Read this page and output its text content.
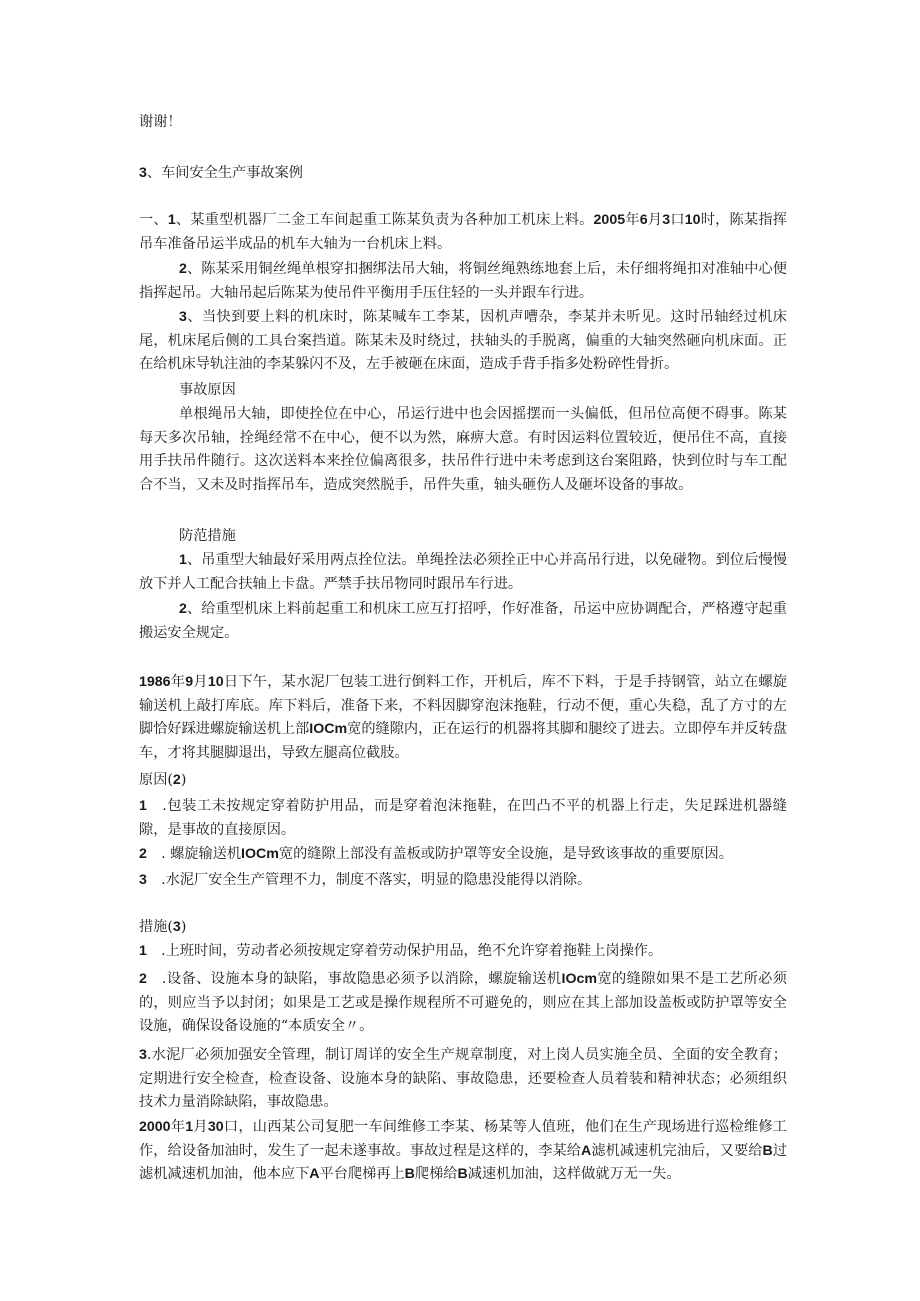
谢谢！

3、车间安全生产事故案例

一、1、某重型机器厂二金工车间起重工陈某负责为各种加工机床上料。2005年6月3口10时，陈某指挥吊车准备吊运半成品的机车大轴为一台机床上料。

2、陈某采用铜丝绳单根穿扣捆绑法吊大轴，将铜丝绳熟练地套上后，未仔细将绳扣对准轴中心便指挥起吊。大轴吊起后陈某为使吊件平衡用手压住轻的一头并跟车行进。

3、当快到要上料的机床时，陈某喊车工李某，因机声嘈杂，李某并未听见。这时吊轴经过机床尾，机床尾后侧的工具台案挡道。陈某未及时绕过，扶轴头的手脱离，偏重的大轴突然砸向机床面。正在给机床导轨注油的李某躲闪不及，左手被砸在床面，造成手背手指多处粉碎性骨折。

事故原因

单根绳吊大轴，即使拴位在中心，吊运行进中也会因摇摆而一头偏低，但吊位高便不碍事。陈某每天多次吊轴，拴绳经常不在中心，便不以为然，麻痹大意。有时因运料位置较近，便吊住不高，直接用手扶吊件随行。这次送料本来拴位偏离很多，扶吊件行进中未考虑到这台案阻路，快到位时与车工配合不当，又未及时指挥吊车，造成突然脱手，吊件失重，轴头砸伤人及砸坏设备的事故。

防范措施

1、吊重型大轴最好采用两点拴位法。单绳拴法必须拴正中心并高吊行进，以免碰物。到位后慢慢放下并人工配合扶轴上卡盘。严禁手扶吊物同时跟吊车行进。

2、给重型机床上料前起重工和机床工应互打招呼，作好准备，吊运中应协调配合，严格遵守起重搬运安全规定。

1986年9月10日下午，某水泥厂包装工进行倒料工作，开机后，库不下料，于是手持钢管，站立在螺旋输送机上敲打库底。库下料后，准备下来，不料因脚穿泡沫拖鞋，行动不便，重心失稳，乱了方寸的左脚恰好踩进螺旋输送机上部IOCm宽的缝隙内，正在运行的机器将其脚和腿绞了进去。立即停车并反转盘车，才将其腿脚退出，导致左腿高位截肢。

原因(2)

1　.包装工未按规定穿着防护用品，而是穿着泡沫拖鞋，在凹凸不平的机器上行走，失足踩进机器缝隙，是事故的直接原因。

2　. 螺旋输送机IOCm宽的缝隙上部没有盖板或防护罩等安全设施，是导致该事故的重要原因。

3　.水泥厂安全生产管理不力，制度不落实，明显的隐患没能得以消除。

措施(3)

1　.上班时间，劳动者必须按规定穿着劳动保护用品，绝不允许穿着拖鞋上岗操作。

2　.设备、设施本身的缺陷，事故隐患必须予以消除，螺旋输送机IOcm宽的缝隙如果不是工艺所必须的，则应当予以封闭；如果是工艺或是操作规程所不可避免的，则应在其上部加设盖板或防护罩等安全设施，确保设备设施的“本质安全〃。

3.水泥厂必须加强安全管理，制订周详的安全生产规章制度，对上岗人员实施全员、全面的安全教育；定期进行安全检查，检查设备、设施本身的缺陷、事故隐患，还要检查人员着装和精神状态；必须组织技术力量消除缺陷，事故隐患。

2000年1月30口，山西某公司复肥一车间维修工李某、杨某等人值班，他们在生产现场进行巡检维修工作，给设备加油时，发生了一起未遂事故。事故过程是这样的，李某给A滤机减速机完油后，又要给B过滤机减速机加油，他本应下A平台爬梯再上B爬梯给B减速机加油，这样做就万无一失。
